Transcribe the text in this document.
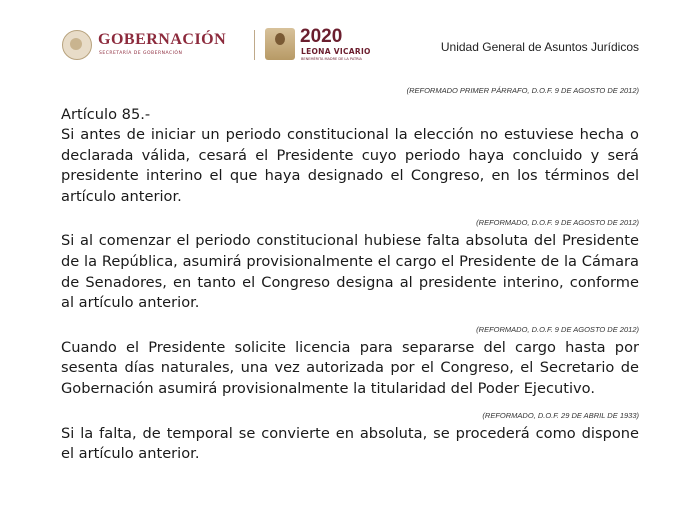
GOBERNACIÓN
SECRETARÍA DE GOBERNACIÓN
2020
LEONA VICARIO
BENEMÉRITA MADRE DE LA PATRIA
Unidad General de Asuntos Jurídicos

(REFORMADO PRIMER PÁRRAFO, D.O.F. 9 DE AGOSTO DE 2012)

Artículo 85.-

Si antes de iniciar un periodo constitucional la elección no estuviese hecha o declarada válida, cesará el Presidente cuyo periodo haya concluido y será presidente interino el que haya designado el Congreso, en los términos del artículo anterior.

(REFORMADO, D.O.F. 9 DE AGOSTO DE 2012)

Si al comenzar el periodo constitucional hubiese falta absoluta del Presidente de la República, asumirá provisionalmente el cargo el Presidente de la Cámara de Senadores, en tanto el Congreso designa al presidente interino, conforme al artículo anterior.

(REFORMADO, D.O.F. 9 DE AGOSTO DE 2012)

Cuando el Presidente solicite licencia para separarse del cargo hasta por sesenta días naturales, una vez autorizada por el Congreso, el Secretario de Gobernación asumirá provisionalmente la titularidad del Poder Ejecutivo.

(REFORMADO, D.O.F. 29 DE ABRIL DE 1933)

Si la falta, de temporal se convierte en absoluta, se procederá como dispone el artículo anterior.
